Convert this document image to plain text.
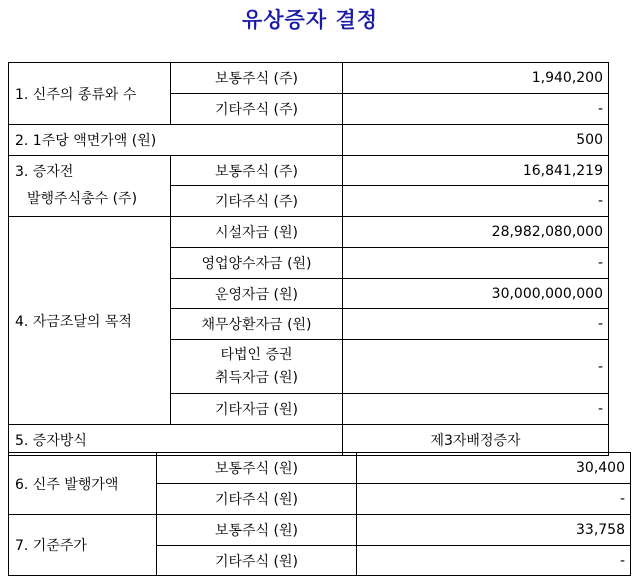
유상증자 결정
1. 신주의 종류와 수	보통주식 (주)	1,940,200
	기타주식 (주)	-
2. 1주당 액면가액 (원)		500

3. 증자전
발행주식총수 (주)	보통주식 (주)	16,841,219
	기타주식 (주)	-
4. 자금조달의 목적	시설자금 (원)	28,982,080,000
	영업양수자금 (원)	-
	운영자금 (원)	30,000,000,000
	채무상환자금 (원)	-

	타법인 증권
취득자금 (원)	-
	기타자금 (원)	-
5. 증자방식		제3자배정증자
6. 신주 발행가액	보통주식 (원)	30,400
	기타주식 (원)	-
7. 기준주가	보통주식 (원)	33,758
	기타주식 (원)	-
